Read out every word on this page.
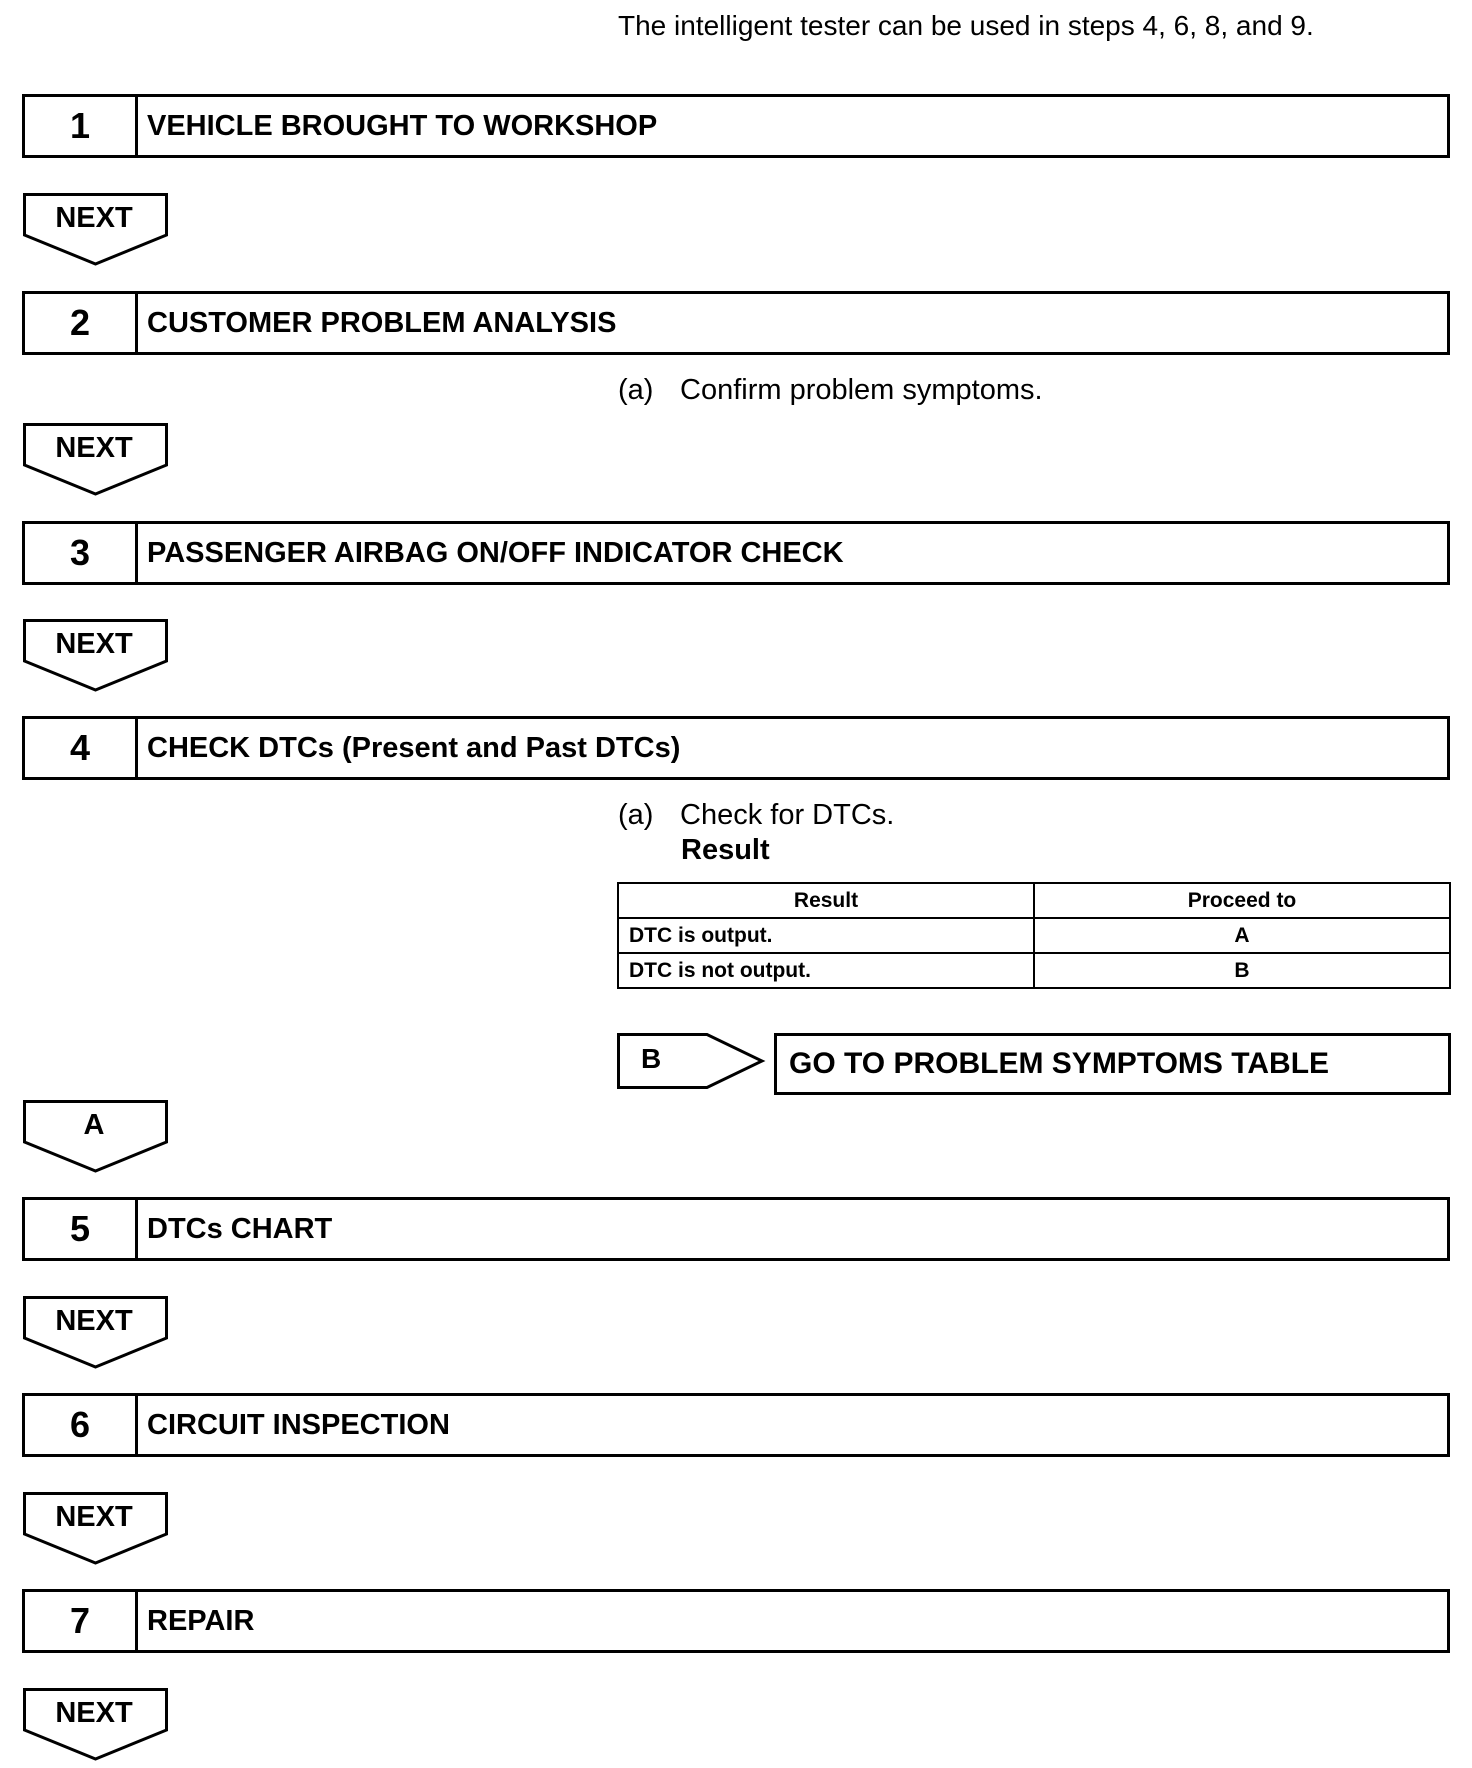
The intelligent tester can be used in steps 4, 6, 8, and 9.
1	VEHICLE BROUGHT TO WORKSHOP
NEXT
2	CUSTOMER PROBLEM ANALYSIS
(a) Confirm problem symptoms.
NEXT
3	PASSENGER AIRBAG ON/OFF INDICATOR CHECK
NEXT
4	CHECK DTCs (Present and Past DTCs)
(a) Check for DTCs.
Result
Result	Proceed to
DTC is output.	A
DTC is not output.	B
B	GO TO PROBLEM SYMPTOMS TABLE
A
5	DTCs CHART
NEXT
6	CIRCUIT INSPECTION
NEXT
7	REPAIR
NEXT
